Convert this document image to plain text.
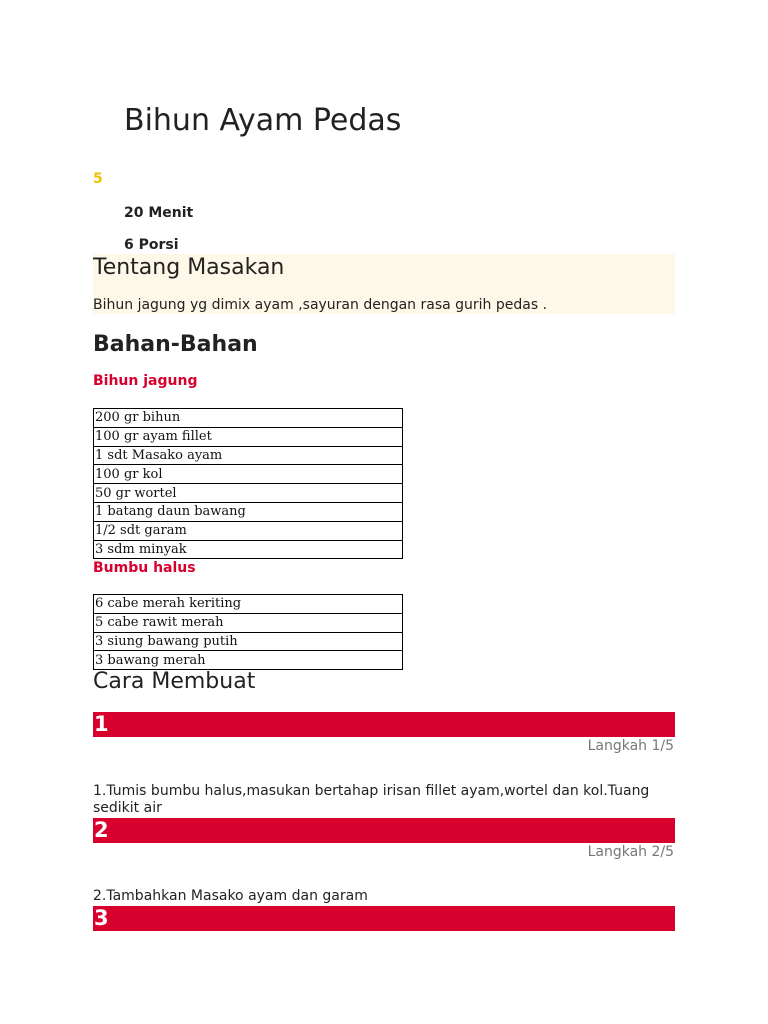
Bihun Ayam Pedas
5
20 Menit
6 Porsi
Tentang Masakan

Bihun jagung yg dimix ayam ,sayuran dengan rasa gurih pedas .

Bahan-Bahan
Bihun jagung
200 gr bihun
100 gr ayam fillet
1 sdt Masako ayam
100 gr kol
50 gr wortel
1 batang daun bawang
1/2 sdt garam
3 sdm minyak
Bumbu halus
6 cabe merah keriting
5 cabe rawit merah
3 siung bawang putih
3 bawang merah
Cara Membuat
1
Langkah 1/5

1.Tumis bumbu halus,masukan bertahap irisan fillet ayam,wortel dan kol.Tuang sedikit air

2
Langkah 2/5

2.Tambahkan Masako ayam dan garam

3
